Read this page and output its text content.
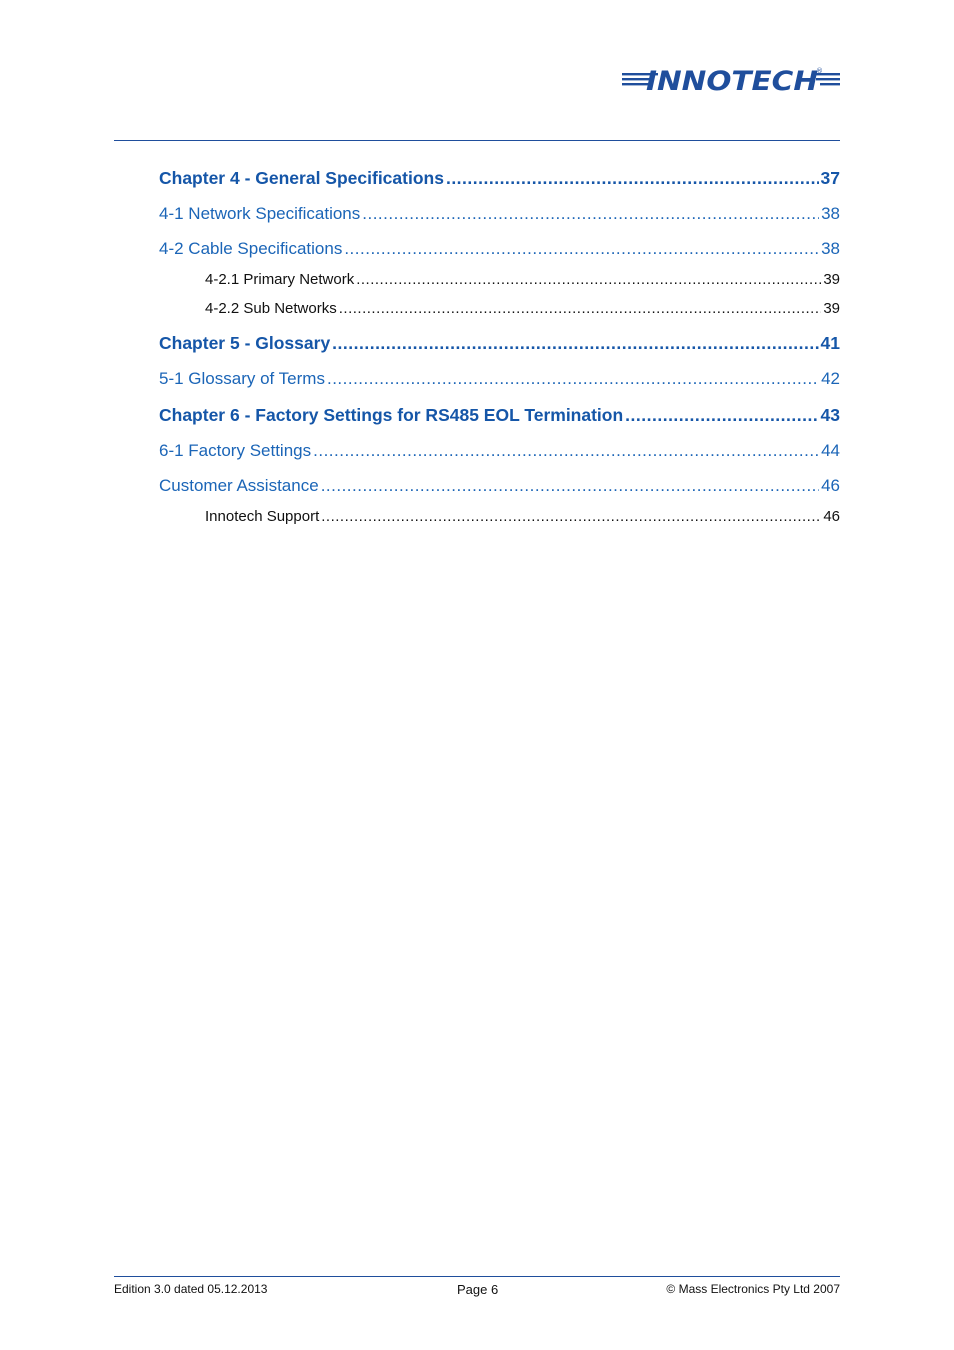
INNOTECH
®
Chapter 4 - General Specifications .....	37
4-1 Network Specifications .....	38
4-2 Cable Specifications .....	38
4-2.1 Primary Network .....	39
4-2.2 Sub Networks .....	39
Chapter 5 - Glossary .....	41
5-1 Glossary of Terms .....	42
Chapter 6 - Factory Settings for RS485 EOL Termination .....	43
6-1 Factory Settings .....	44
Customer Assistance .....	46
Innotech Support .....	46
Edition 3.0 dated 05.12.2013	Page 6	© Mass Electronics Pty Ltd 2007
